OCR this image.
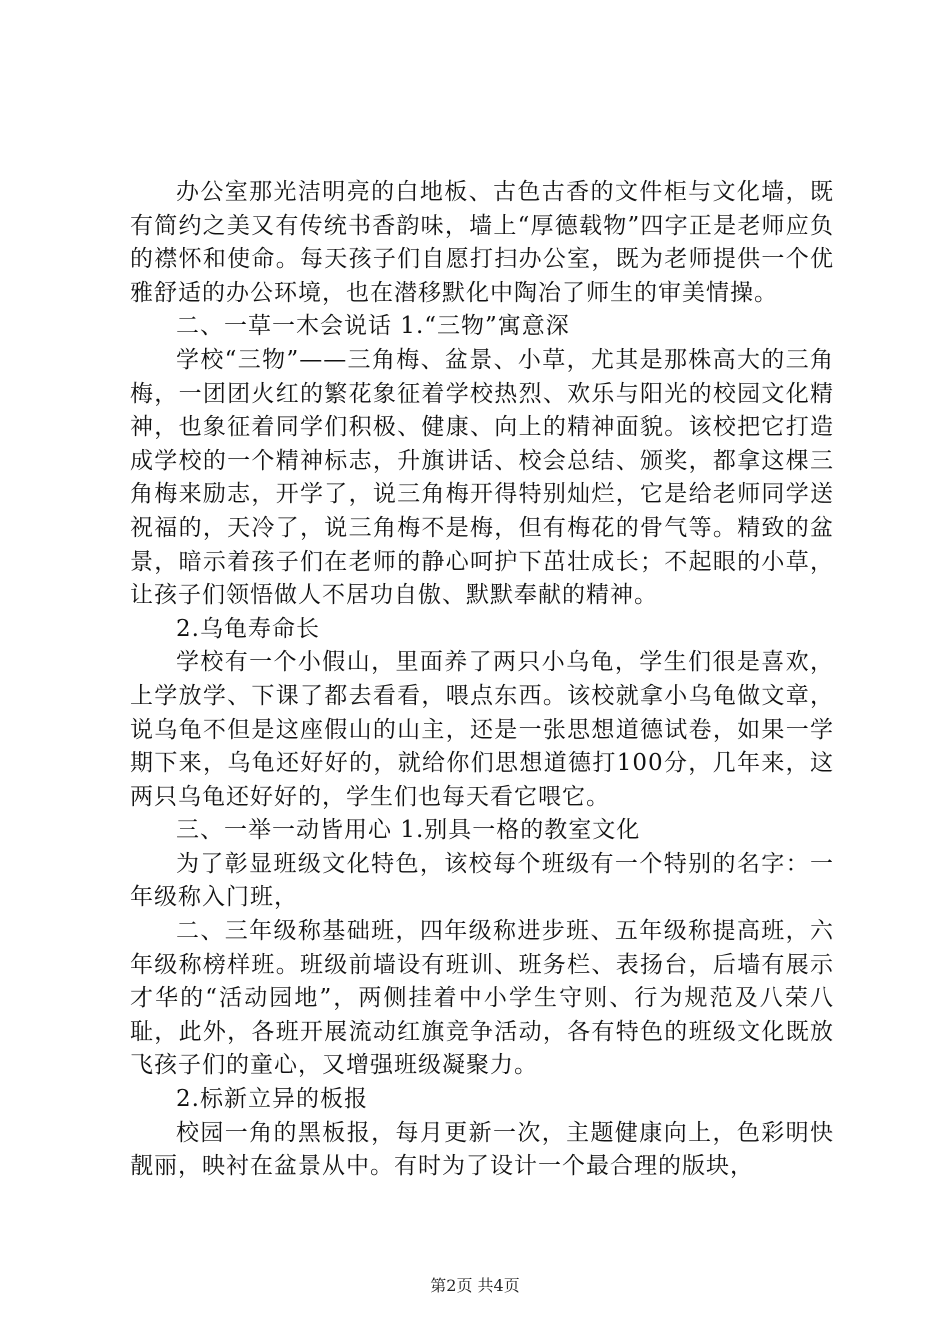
办公室那光洁明亮的白地板、古色古香的文件柜与文化墙，既有简约之美又有传统书香韵味，墙上“厚德载物”四字正是老师应负的襟怀和使命。每天孩子们自愿打扫办公室，既为老师提供一个优雅舒适的办公环境，也在潜移默化中陶冶了师生的审美情操。

二、一草一木会说话 1.“三物”寓意深

学校“三物”——三角梅、盆景、小草，尤其是那株高大的三角梅，一团团火红的繁花象征着学校热烈、欢乐与阳光的校园文化精神，也象征着同学们积极、健康、向上的精神面貌。该校把它打造成学校的一个精神标志，升旗讲话、校会总结、颁奖，都拿这棵三角梅来励志，开学了，说三角梅开得特别灿烂，它是给老师同学送祝福的，天冷了，说三角梅不是梅，但有梅花的骨气等。精致的盆景，暗示着孩子们在老师的静心呵护下茁壮成长；不起眼的小草，让孩子们领悟做人不居功自傲、默默奉献的精神。

2.乌龟寿命长

学校有一个小假山，里面养了两只小乌龟，学生们很是喜欢，上学放学、下课了都去看看，喂点东西。该校就拿小乌龟做文章，说乌龟不但是这座假山的山主，还是一张思想道德试卷，如果一学期下来，乌龟还好好的，就给你们思想道德打100分，几年来，这两只乌龟还好好的，学生们也每天看它喂它。

三、一举一动皆用心 1.别具一格的教室文化

为了彰显班级文化特色，该校每个班级有一个特别的名字：一年级称入门班，

二、三年级称基础班，四年级称进步班、五年级称提高班，六年级称榜样班。班级前墙设有班训、班务栏、表扬台，后墙有展示才华的“活动园地”，两侧挂着中小学生守则、行为规范及八荣八耻，此外，各班开展流动红旗竞争活动，各有特色的班级文化既放飞孩子们的童心，又增强班级凝聚力。

2.标新立异的板报

校园一角的黑板报，每月更新一次，主题健康向上，色彩明快靓丽，映衬在盆景从中。有时为了设计一个最合理的版块，

第2页 共4页
